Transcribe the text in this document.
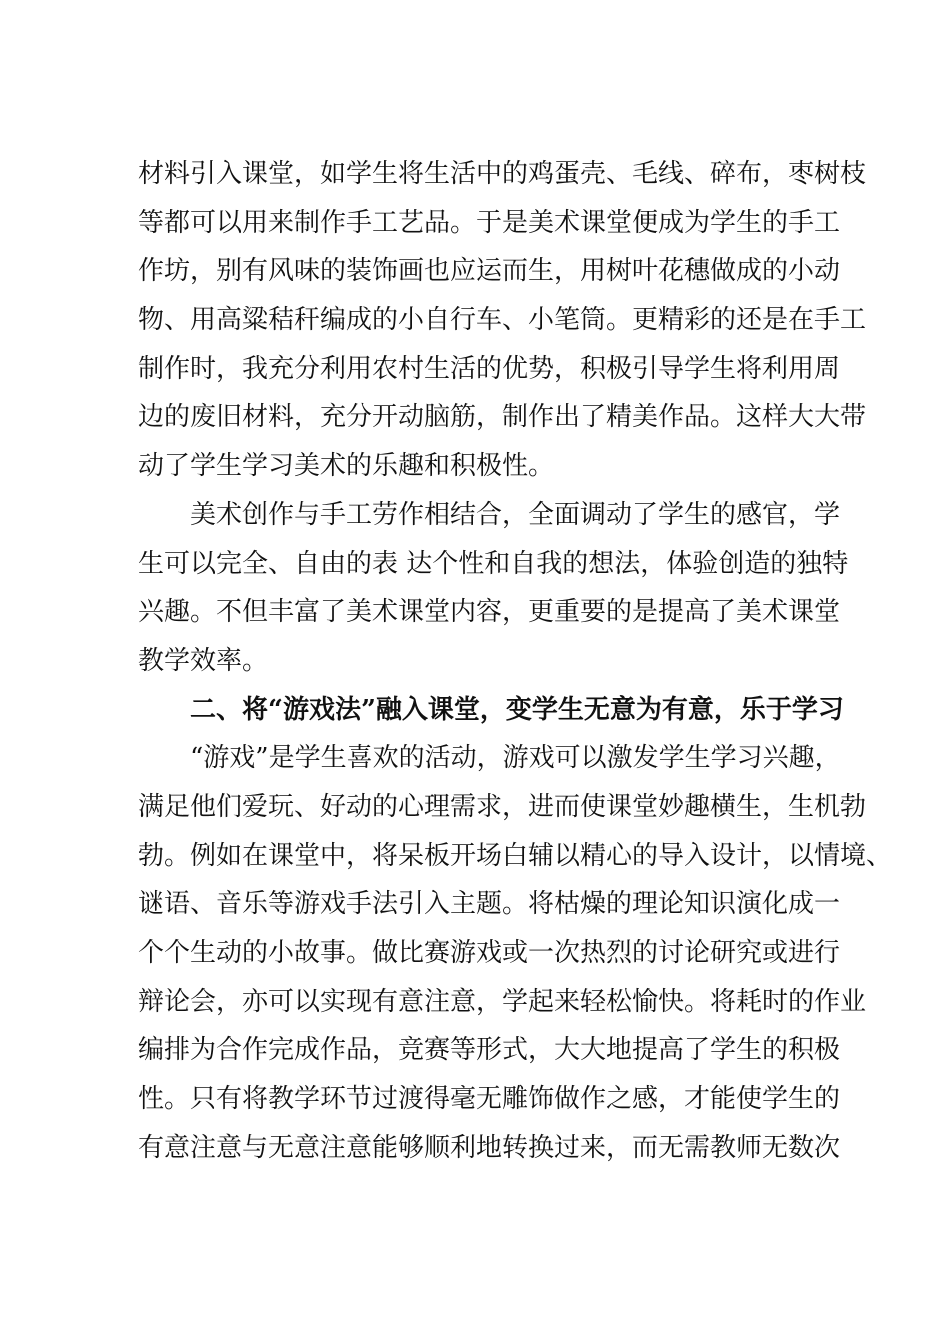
材料引入课堂，如学生将生活中的鸡蛋壳、毛线、碎布，枣树枝
等都可以用来制作手工艺品。于是美术课堂便成为学生的手工
作坊，别有风味的装饰画也应运而生，用树叶花穗做成的小动
物、用高粱秸秆编成的小自行车、小笔筒。更精彩的还是在手工
制作时，我充分利用农村生活的优势，积极引导学生将利用周
边的废旧材料，充分开动脑筋，制作出了精美作品。这样大大带
动了学生学习美术的乐趣和积极性。
美术创作与手工劳作相结合，全面调动了学生的感官，学
生可以完全、自由的表 达个性和自我的想法，体验创造的独特
兴趣。不但丰富了美术课堂内容，更重要的是提高了美术课堂
教学效率。
二、将“游戏法”融入课堂，变学生无意为有意，乐于学习
“游戏”是学生喜欢的活动，游戏可以激发学生学习兴趣，
满足他们爱玩、好动的心理需求，进而使课堂妙趣横生，生机勃
勃。例如在课堂中，将呆板开场白辅以精心的导入设计，以情境、
谜语、音乐等游戏手法引入主题。将枯燥的理论知识演化成一
个个生动的小故事。做比赛游戏或一次热烈的讨论研究或进行
辩论会，亦可以实现有意注意，学起来轻松愉快。将耗时的作业
编排为合作完成作品，竞赛等形式，大大地提高了学生的积极
性。只有将教学环节过渡得毫无雕饰做作之感，才能使学生的
有意注意与无意注意能够顺利地转换过来，而无需教师无数次
